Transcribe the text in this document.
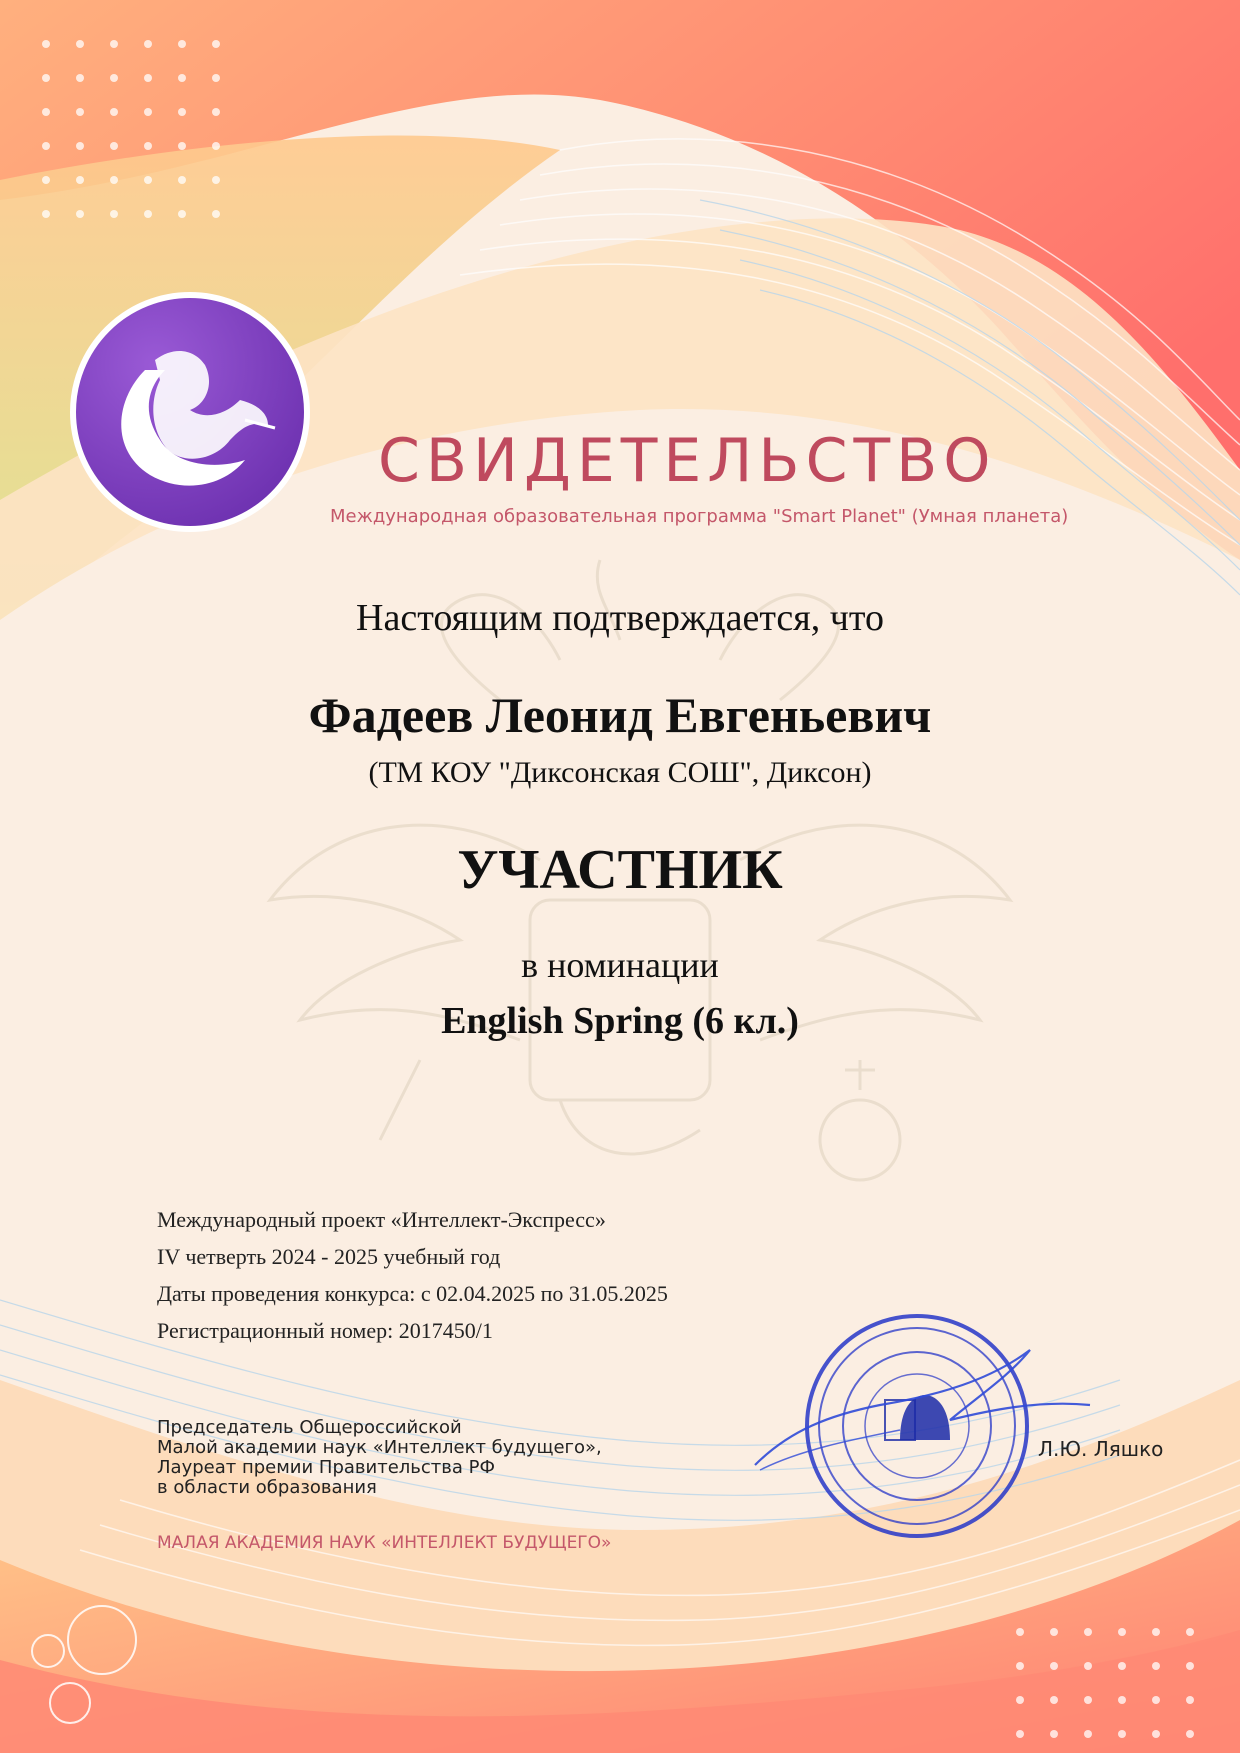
СВИДЕТЕЛЬСТВО
Международная образовательная программа "Smart Planet" (Умная планета)
Настоящим подтверждается, что
Фадеев Леонид Евгеньевич
(ТМ КОУ "Диксонская СОШ", Диксон)
УЧАСТНИК
в номинации
English Spring (6 кл.)
Международный проект «Интеллект-Экспресс»
IV четверть 2024 - 2025 учебный год
Даты проведения конкурса: с 02.04.2025 по 31.05.2025
Регистрационный номер: 2017450/1
Председатель Общероссийской
Малой академии наук «Интеллект будущего»,
Лауреат премии Правительства РФ
в области образования
МАЛАЯ АКАДЕМИЯ НАУК «ИНТЕЛЛЕКТ БУДУЩЕГО»
Л.Ю. Ляшко
